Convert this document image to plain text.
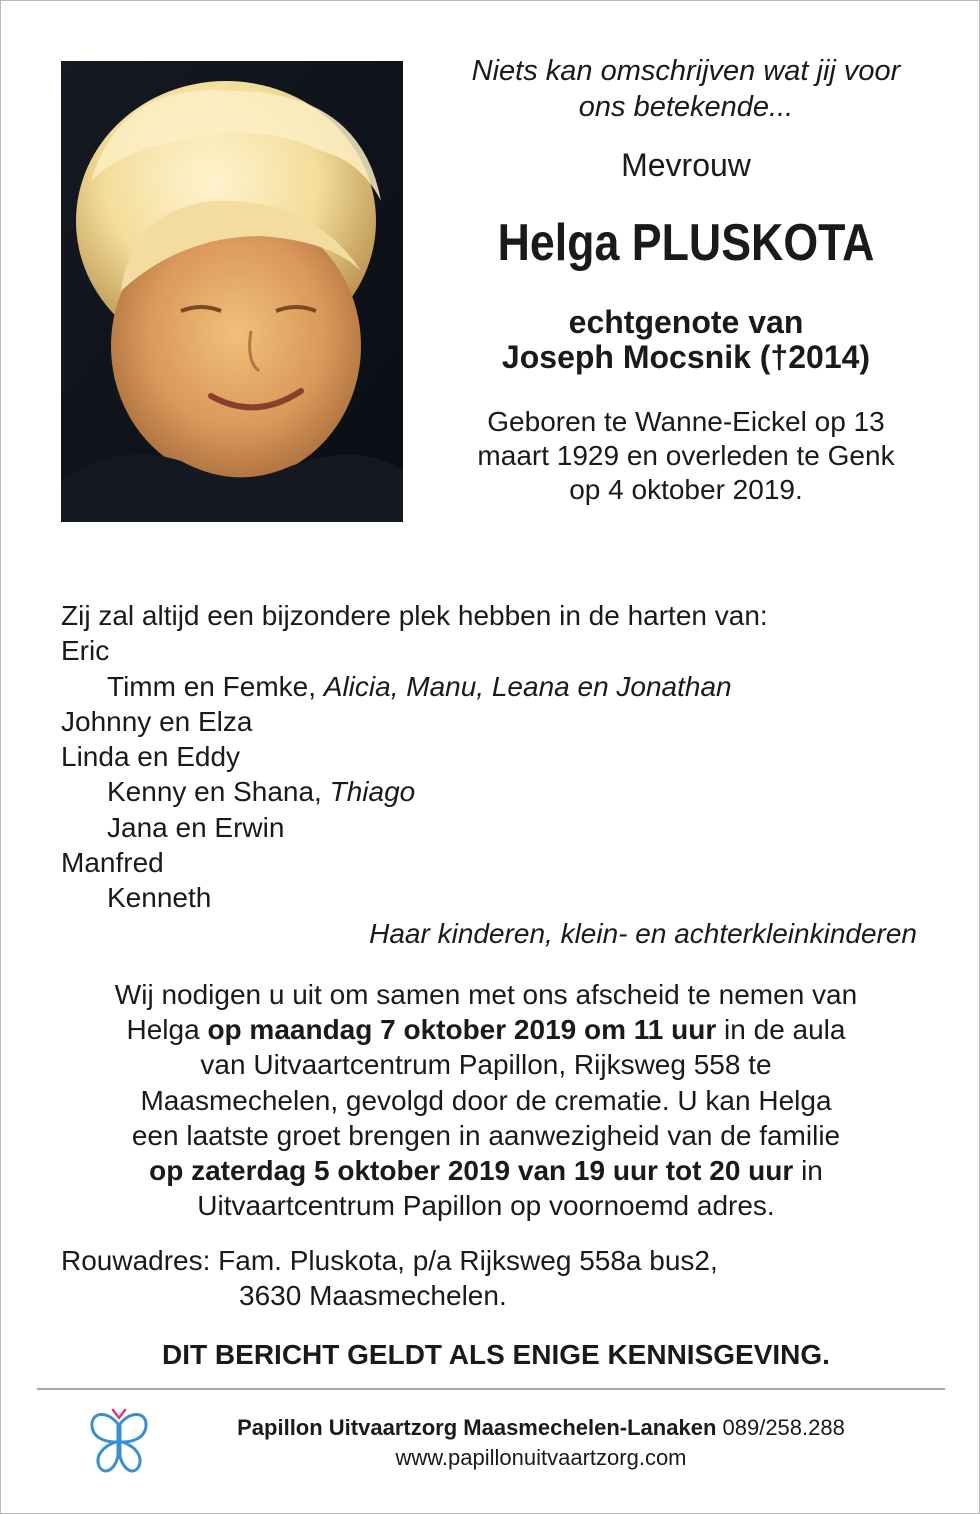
Niets kan omschrijven wat jij voor
ons betekende...
Mevrouw
Helga PLUSKOTA
echtgenote van
Joseph Mocsnik (†2014)
Geboren te Wanne-Eickel op 13
maart 1929 en overleden te Genk
op 4 oktober 2019.
Zij zal altijd een bijzondere plek hebben in de harten van:
Eric
Timm en Femke, Alicia, Manu, Leana en Jonathan
Johnny en Elza
Linda en Eddy
Kenny en Shana, Thiago
Jana en Erwin
Manfred
Kenneth
Haar kinderen, klein- en achterkleinkinderen
Wij nodigen u uit om samen met ons afscheid te nemen van
Helga op maandag 7 oktober 2019 om 11 uur in de aula
van Uitvaartcentrum Papillon, Rijksweg 558 te
Maasmechelen, gevolgd door de crematie. U kan Helga
een laatste groet brengen in aanwezigheid van de familie
op zaterdag 5 oktober 2019 van 19 uur tot 20 uur in
Uitvaartcentrum Papillon op voornoemd adres.
Rouwadres: Fam. Pluskota, p/a Rijksweg 558a bus2,
3630 Maasmechelen.
DIT BERICHT GELDT ALS ENIGE KENNISGEVING.
Papillon Uitvaartzorg Maasmechelen-Lanaken 089/258.288
www.papillonuitvaartzorg.com
